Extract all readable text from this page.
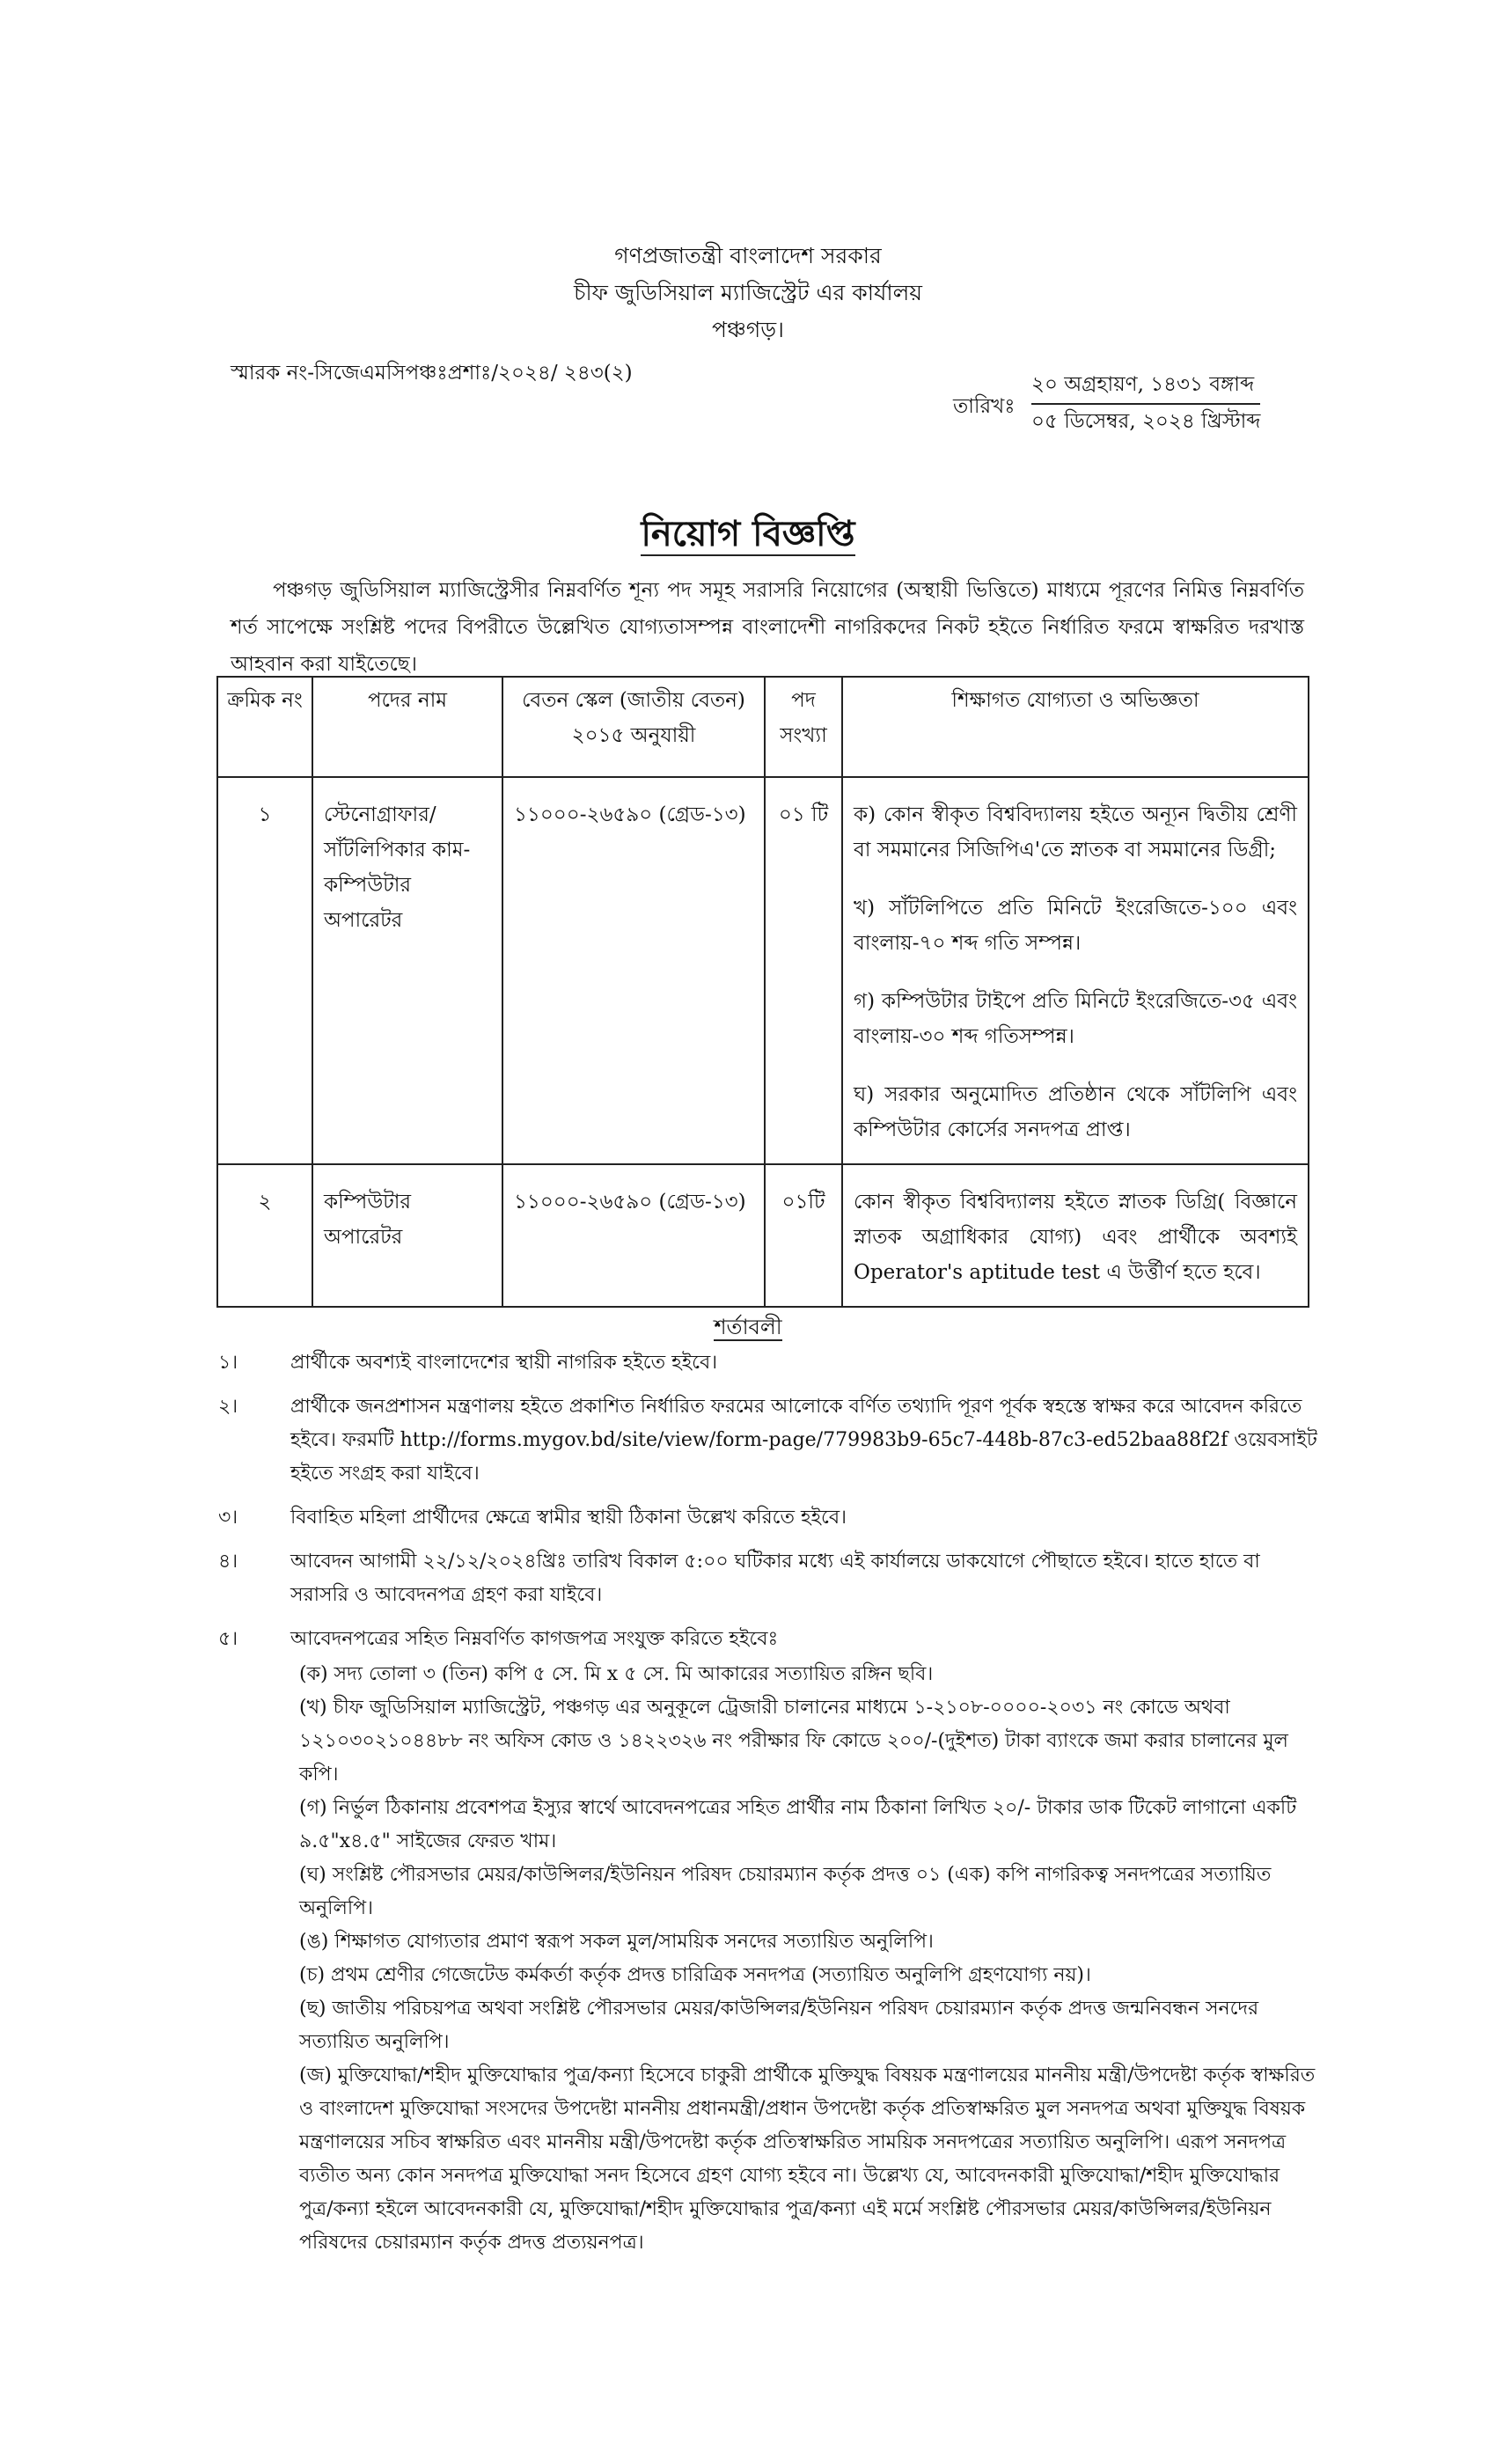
গণপ্রজাতন্ত্রী বাংলাদেশ সরকার
চীফ জুডিসিয়াল ম্যাজিস্ট্রেট এর কার্যালয়
পঞ্চগড়।
স্মারক নং-সিজেএমসিপঞ্চঃপ্রশাঃ/২০২৪/ ২৪৩(২)
তারিখঃ
২০ অগ্রহায়ণ, ১৪৩১ বঙ্গাব্দ
০৫ ডিসেম্বর, ২০২৪ খ্রিস্টাব্দ
নিয়োগ বিজ্ঞপ্তি

পঞ্চগড় জুডিসিয়াল ম্যাজিস্ট্রেসীর নিম্নবর্ণিত শূন্য পদ সমূহ সরাসরি নিয়োগের (অস্থায়ী ভিত্তিতে) মাধ্যমে পূরণের নিমিত্ত নিম্নবর্ণিত শর্ত সাপেক্ষে সংশ্লিষ্ট পদের বিপরীতে উল্লেখিত যোগ্যতাসম্পন্ন বাংলাদেশী নাগরিকদের নিকট হইতে নির্ধারিত ফরমে স্বাক্ষরিত দরখাস্ত আহবান করা যাইতেছে।

ক্রমিক নং	পদের নাম	বেতন স্কেল (জাতীয় বেতন) ২০১৫ অনুযায়ী	পদ সংখ্যা	শিক্ষাগত যোগ্যতা ও অভিজ্ঞতা
১	স্টেনোগ্রাফার/ সাঁটলিপিকার কাম-কম্পিউটার অপারেটর	১১০০০-২৬৫৯০ (গ্রেড-১৩)	০১ টি	ক) কোন স্বীকৃত বিশ্ববিদ্যালয় হইতে অন্যূন দ্বিতীয় শ্রেণী বা সমমানের সিজিপিএ'তে স্নাতক বা সমমানের ডিগ্রী;

খ) সাঁটলিপিতে প্রতি মিনিটে ইংরেজিতে-১০০ এবং বাংলায়-৭০ শব্দ গতি সম্পন্ন।

গ) কম্পিউটার টাইপে প্রতি মিনিটে ইংরেজিতে-৩৫ এবং বাংলায়-৩০ শব্দ গতিসম্পন্ন।

ঘ) সরকার অনুমোদিত প্রতিষ্ঠান থেকে সাঁটলিপি এবং কম্পিউটার কোর্সের সনদপত্র প্রাপ্ত।

২	কম্পিউটার অপারেটর	১১০০০-২৬৫৯০ (গ্রেড-১৩)	০১টি	কোন স্বীকৃত বিশ্ববিদ্যালয় হইতে স্নাতক ডিগ্রি( বিজ্ঞানে স্নাতক অগ্রাধিকার যোগ্য) এবং প্রার্থীকে অবশ্যই Operator's aptitude test এ উর্ত্তীর্ণ হতে হবে।

শর্তাবলী
১।	প্রার্থীকে অবশ্যই বাংলাদেশের স্থায়ী নাগরিক হইতে হইবে।
২।	প্রার্থীকে জনপ্রশাসন মন্ত্রণালয় হইতে প্রকাশিত নির্ধারিত ফরমের আলোকে বর্ণিত তথ্যাদি পূরণ পূর্বক স্বহস্তে স্বাক্ষর করে আবেদন করিতে হইবে। ফরমটি http://forms.mygov.bd/site/view/form-page/779983b9-65c7-448b-87c3-ed52baa88f2f ওয়েবসাইট হইতে সংগ্রহ করা যাইবে।
৩।	বিবাহিত মহিলা প্রার্থীদের ক্ষেত্রে স্বামীর স্থায়ী ঠিকানা উল্লেখ করিতে হইবে।
৪।	আবেদন আগামী ২২/১২/২০২৪খ্রিঃ তারিখ বিকাল ৫:০০ ঘটিকার মধ্যে এই কার্যালয়ে ডাকযোগে পৌছাতে হইবে। হাতে হাতে বা সরাসরি ও আবেদনপত্র গ্রহণ করা যাইবে।
৫।	আবেদনপত্রের সহিত নিম্নবর্ণিত কাগজপত্র সংযুক্ত করিতে হইবেঃ
(ক) সদ্য তোলা ৩ (তিন) কপি ৫ সে. মি x ৫ সে. মি আকারের সত্যায়িত রঙ্গিন ছবি।
(খ) চীফ জুডিসিয়াল ম্যাজিস্ট্রেট, পঞ্চগড় এর অনুকূলে ট্রেজারী চালানের মাধ্যমে ১-২১০৮-০০০০-২০৩১ নং কোডে অথবা ১২১০৩০২১০৪৪৮৮ নং অফিস কোড ও ১৪২২৩২৬ নং পরীক্ষার ফি কোডে ২০০/-(দুইশত) টাকা ব্যাংকে জমা করার চালানের মুল কপি।
(গ) নির্ভুল ঠিকানায় প্রবেশপত্র ইস্যুর স্বার্থে আবেদনপত্রের সহিত প্রার্থীর নাম ঠিকানা লিখিত ২০/- টাকার ডাক টিকেট লাগানো একটি ৯.৫"x৪.৫" সাইজের ফেরত খাম।
(ঘ) সংশ্লিষ্ট পৌরসভার মেয়র/কাউন্সিলর/ইউনিয়ন পরিষদ চেয়ারম্যান কর্তৃক প্রদত্ত ০১ (এক) কপি নাগরিকত্ব সনদপত্রের সত্যায়িত অনুলিপি।
(ঙ) শিক্ষাগত যোগ্যতার প্রমাণ স্বরূপ সকল মুল/সাময়িক সনদের সত্যায়িত অনুলিপি।
(চ) প্রথম শ্রেণীর গেজেটেড কর্মকর্তা কর্তৃক প্রদত্ত চারিত্রিক সনদপত্র (সত্যায়িত অনুলিপি গ্রহণযোগ্য নয়)।
(ছ) জাতীয় পরিচয়পত্র অথবা সংশ্লিষ্ট পৌরসভার মেয়র/কাউন্সিলর/ইউনিয়ন পরিষদ চেয়ারম্যান কর্তৃক প্রদত্ত জন্মনিবন্ধন সনদের সত্যায়িত অনুলিপি।
(জ) মুক্তিযোদ্ধা/শহীদ মুক্তিযোদ্ধার পুত্র/কন্যা হিসেবে চাকুরী প্রার্থীকে মুক্তিযুদ্ধ বিষয়ক মন্ত্রণালয়ের মাননীয় মন্ত্রী/উপদেষ্টা কর্তৃক স্বাক্ষরিত ও বাংলাদেশ মুক্তিযোদ্ধা সংসদের উপদেষ্টা মাননীয় প্রধানমন্ত্রী/প্রধান উপদেষ্টা কর্তৃক প্রতিস্বাক্ষরিত মুল সনদপত্র অথবা মুক্তিযুদ্ধ বিষয়ক মন্ত্রণালয়ের সচিব স্বাক্ষরিত এবং মাননীয় মন্ত্রী/উপদেষ্টা কর্তৃক প্রতিস্বাক্ষরিত সাময়িক সনদপত্রের সত্যায়িত অনুলিপি। এরূপ সনদপত্র ব্যতীত অন্য কোন সনদপত্র মুক্তিযোদ্ধা সনদ হিসেবে গ্রহণ যোগ্য হইবে না। উল্লেখ্য যে, আবেদনকারী মুক্তিযোদ্ধা/শহীদ মুক্তিযোদ্ধার পুত্র/কন্যা হইলে আবেদনকারী যে, মুক্তিযোদ্ধা/শহীদ মুক্তিযোদ্ধার পুত্র/কন্যা এই মর্মে সংশ্লিষ্ট পৌরসভার মেয়র/কাউন্সিলর/ইউনিয়ন পরিষদের চেয়ারম্যান কর্তৃক প্রদত্ত প্রত্যয়নপত্র।
